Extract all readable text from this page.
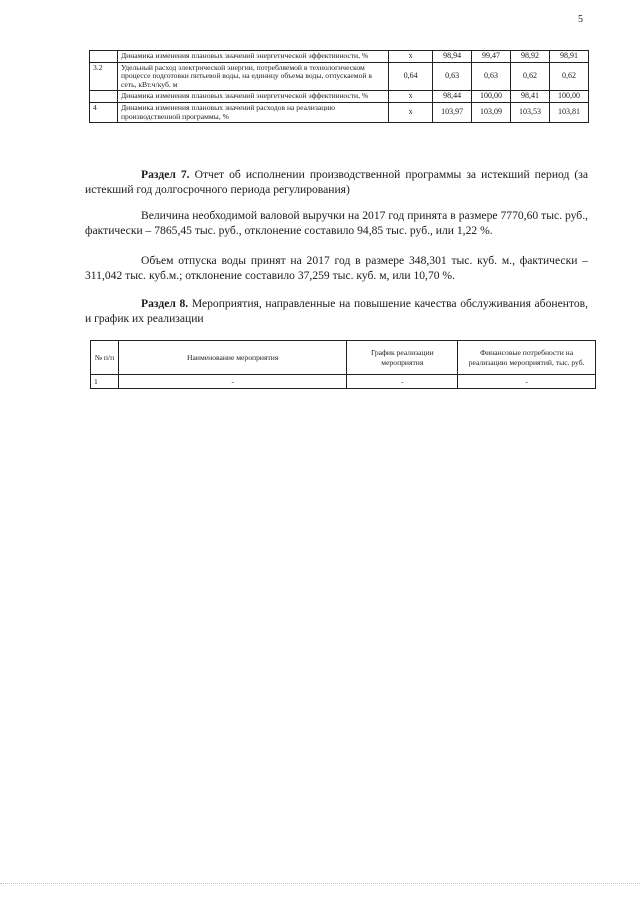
5
	Динамика изменения плановых значений энергетической эффективности, %	x	98,94	99,47	98,92	98,91
3.2	Удельный расход электрической энергии, потребляемой в технологическом процессе подготовки питьевой воды, на единицу объема воды, отпускаемой в сеть, кВт.ч/куб. м	0,64	0,63	0,63	0,62	0,62
	Динамика изменения плановых значений энергетической эффективности, %	x	98,44	100,00	98,41	100,00
4	Динамика изменения плановых значений расходов на реализацию производственной программы, %	x	103,97	103,09	103,53	103,81

Раздел 7. Отчет об исполнении производственной программы за истекший период (за истекший год долгосрочного периода регулирования)

Величина необходимой валовой выручки на 2017 год принята в размере 7770,60 тыс. руб., фактически – 7865,45 тыс. руб., отклонение составило 94,85 тыс. руб., или 1,22 %.

Объем отпуска воды принят на 2017 год в размере 348,301 тыс. куб. м., фактически – 311,042 тыс. куб.м.; отклонение составило 37,259 тыс. куб. м, или 10,70 %.

Раздел 8. Мероприятия, направленные на повышение качества обслуживания абонентов, и график их реализации

№ п/п	Наименование мероприятия	График реализации мероприятия	Финансовые потребности на реализацию мероприятий, тыс. руб.
1	-	-	-
